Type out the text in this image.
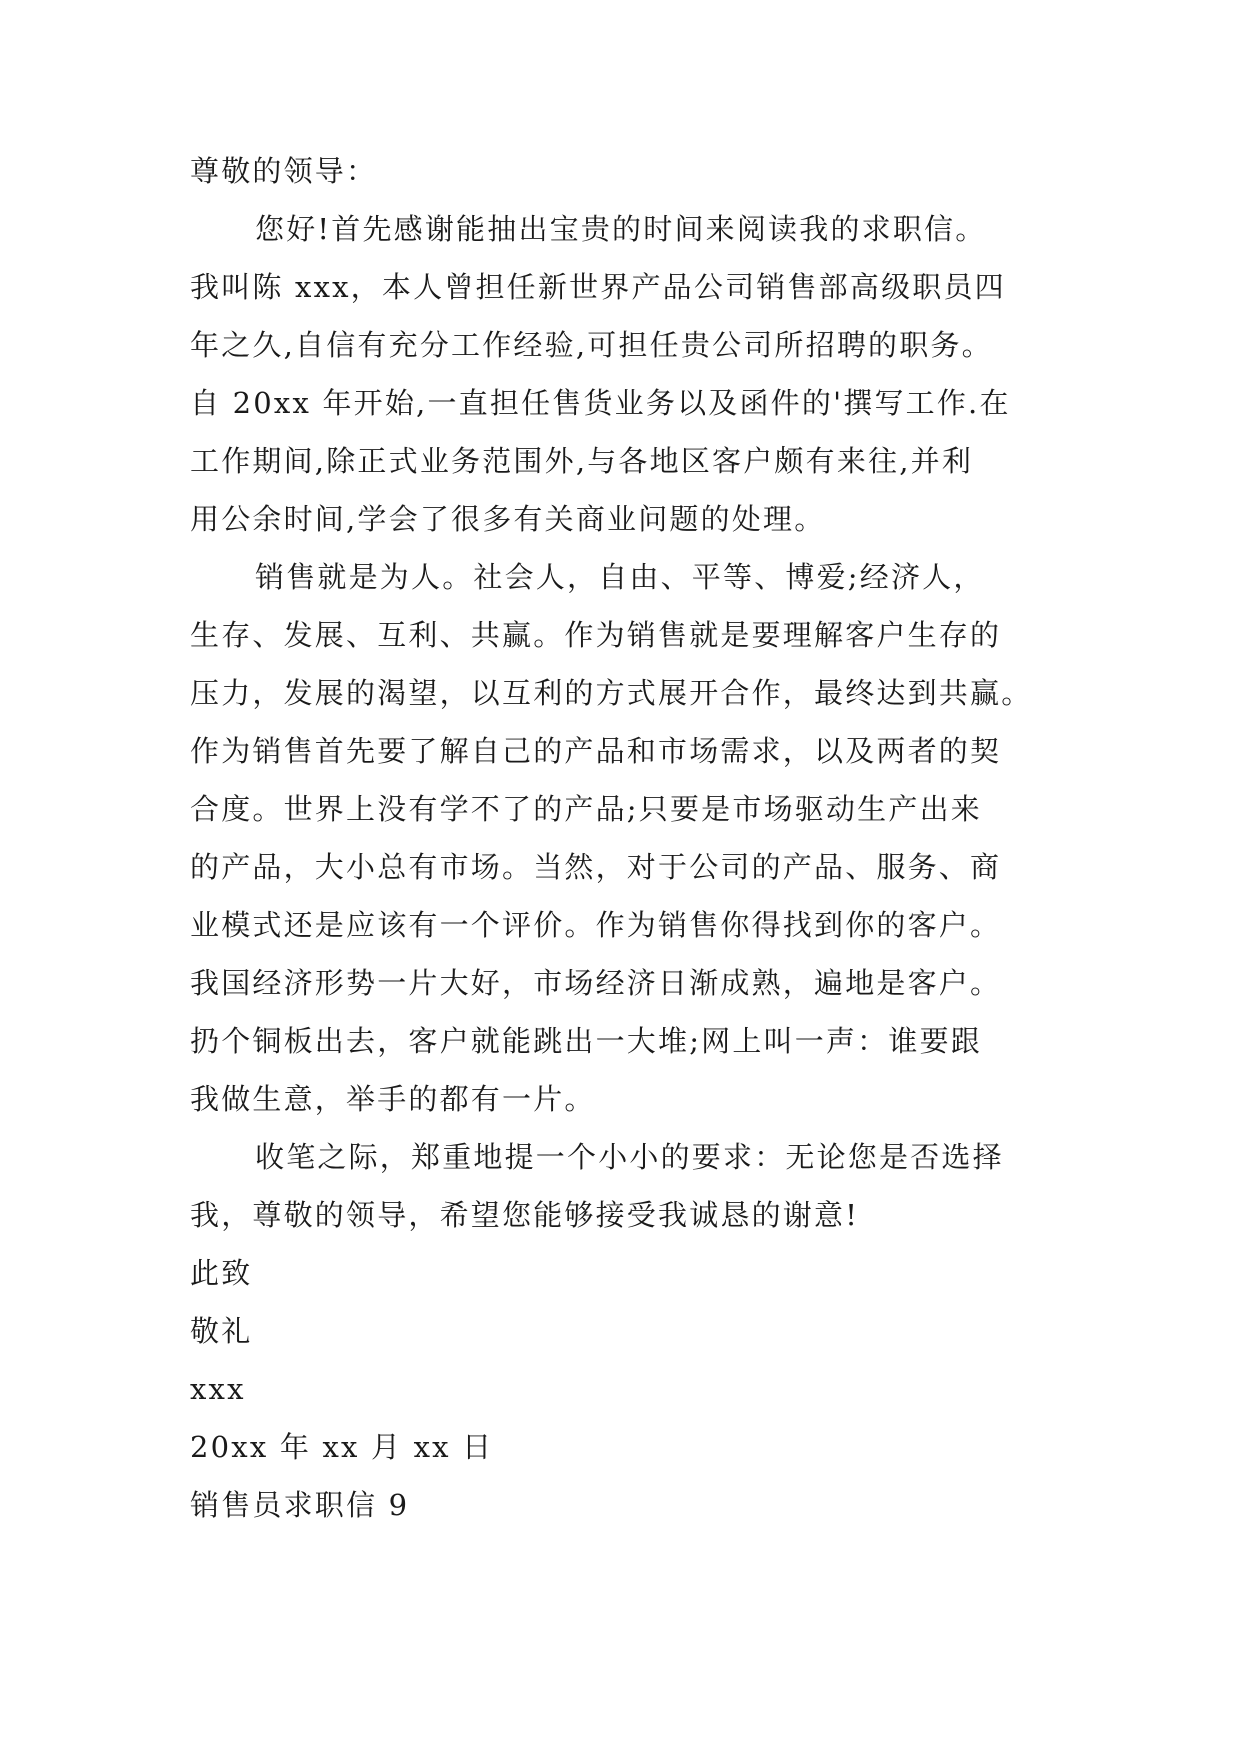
尊敬的领导：
您好!首先感谢能抽出宝贵的时间来阅读我的求职信。
我叫陈 xxx，本人曾担任新世界产品公司销售部高级职员四
年之久,自信有充分工作经验,可担任贵公司所招聘的职务。
自 20xx 年开始,一直担任售货业务以及函件的'撰写工作.在
工作期间,除正式业务范围外,与各地区客户颇有来往,并利
用公余时间,学会了很多有关商业问题的处理。
销售就是为人。社会人，自由、平等、博爱;经济人，
生存、发展、互利、共赢。作为销售就是要理解客户生存的
压力，发展的渴望，以互利的方式展开合作，最终达到共赢。
作为销售首先要了解自己的产品和市场需求，以及两者的契
合度。世界上没有学不了的产品;只要是市场驱动生产出来
的产品，大小总有市场。当然，对于公司的产品、服务、商
业模式还是应该有一个评价。作为销售你得找到你的客户。
我国经济形势一片大好，市场经济日渐成熟，遍地是客户。
扔个铜板出去，客户就能跳出一大堆;网上叫一声：谁要跟
我做生意，举手的都有一片。
收笔之际，郑重地提一个小小的要求：无论您是否选择
我，尊敬的领导，希望您能够接受我诚恳的谢意!
此致
敬礼
xxx
20xx 年 xx 月 xx 日
销售员求职信 9
